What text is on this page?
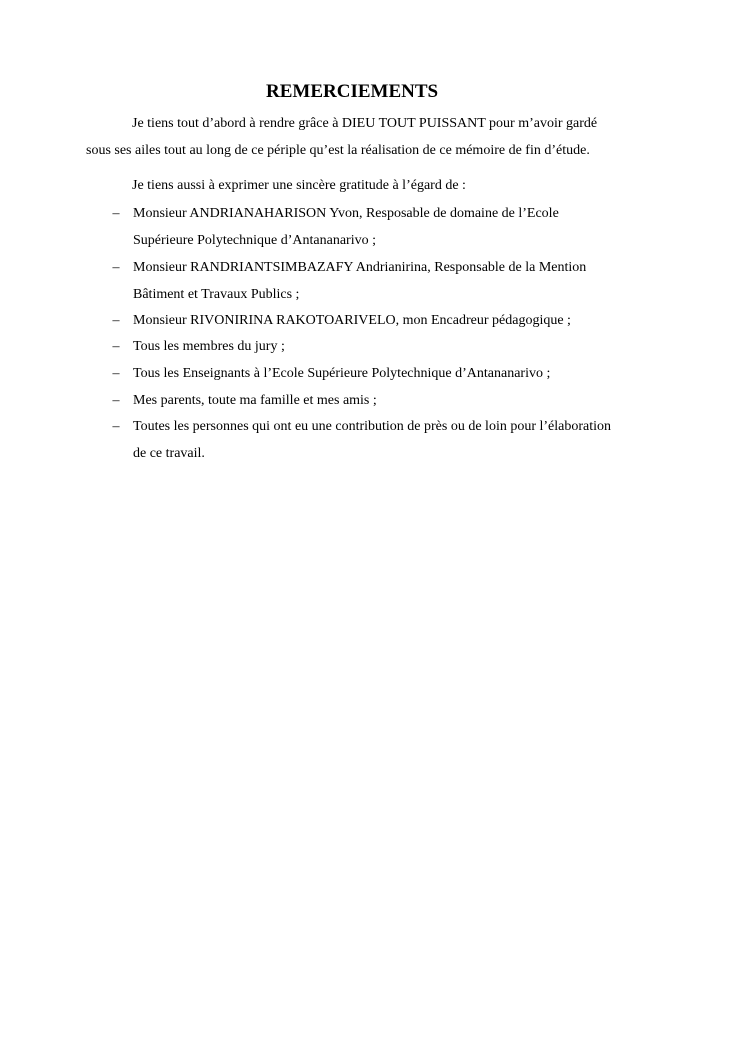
REMERCIEMENTS
Je tiens tout d’abord à rendre grâce à DIEU TOUT PUISSANT pour m’avoir gardé
sous ses ailes tout au long de ce périple qu’est la réalisation de ce mémoire de fin d’étude.
Je tiens aussi à exprimer une sincère gratitude à l’égard de :
– Monsieur ANDRIANAHARISON Yvon, Resposable de domaine de l’Ecole
Supérieure Polytechnique d’Antananarivo ;
– Monsieur RANDRIANTSIMBAZAFY Andrianirina, Responsable de la Mention
Bâtiment et Travaux Publics ;
– Monsieur RIVONIRINA RAKOTOARIVELO, mon Encadreur pédagogique ;
– Tous les membres du jury ;
– Tous les Enseignants à l’Ecole Supérieure Polytechnique d’Antananarivo ;
– Mes parents, toute ma famille et mes amis ;
– Toutes les personnes qui ont eu une contribution de près ou de loin pour l’élaboration
de ce travail.
